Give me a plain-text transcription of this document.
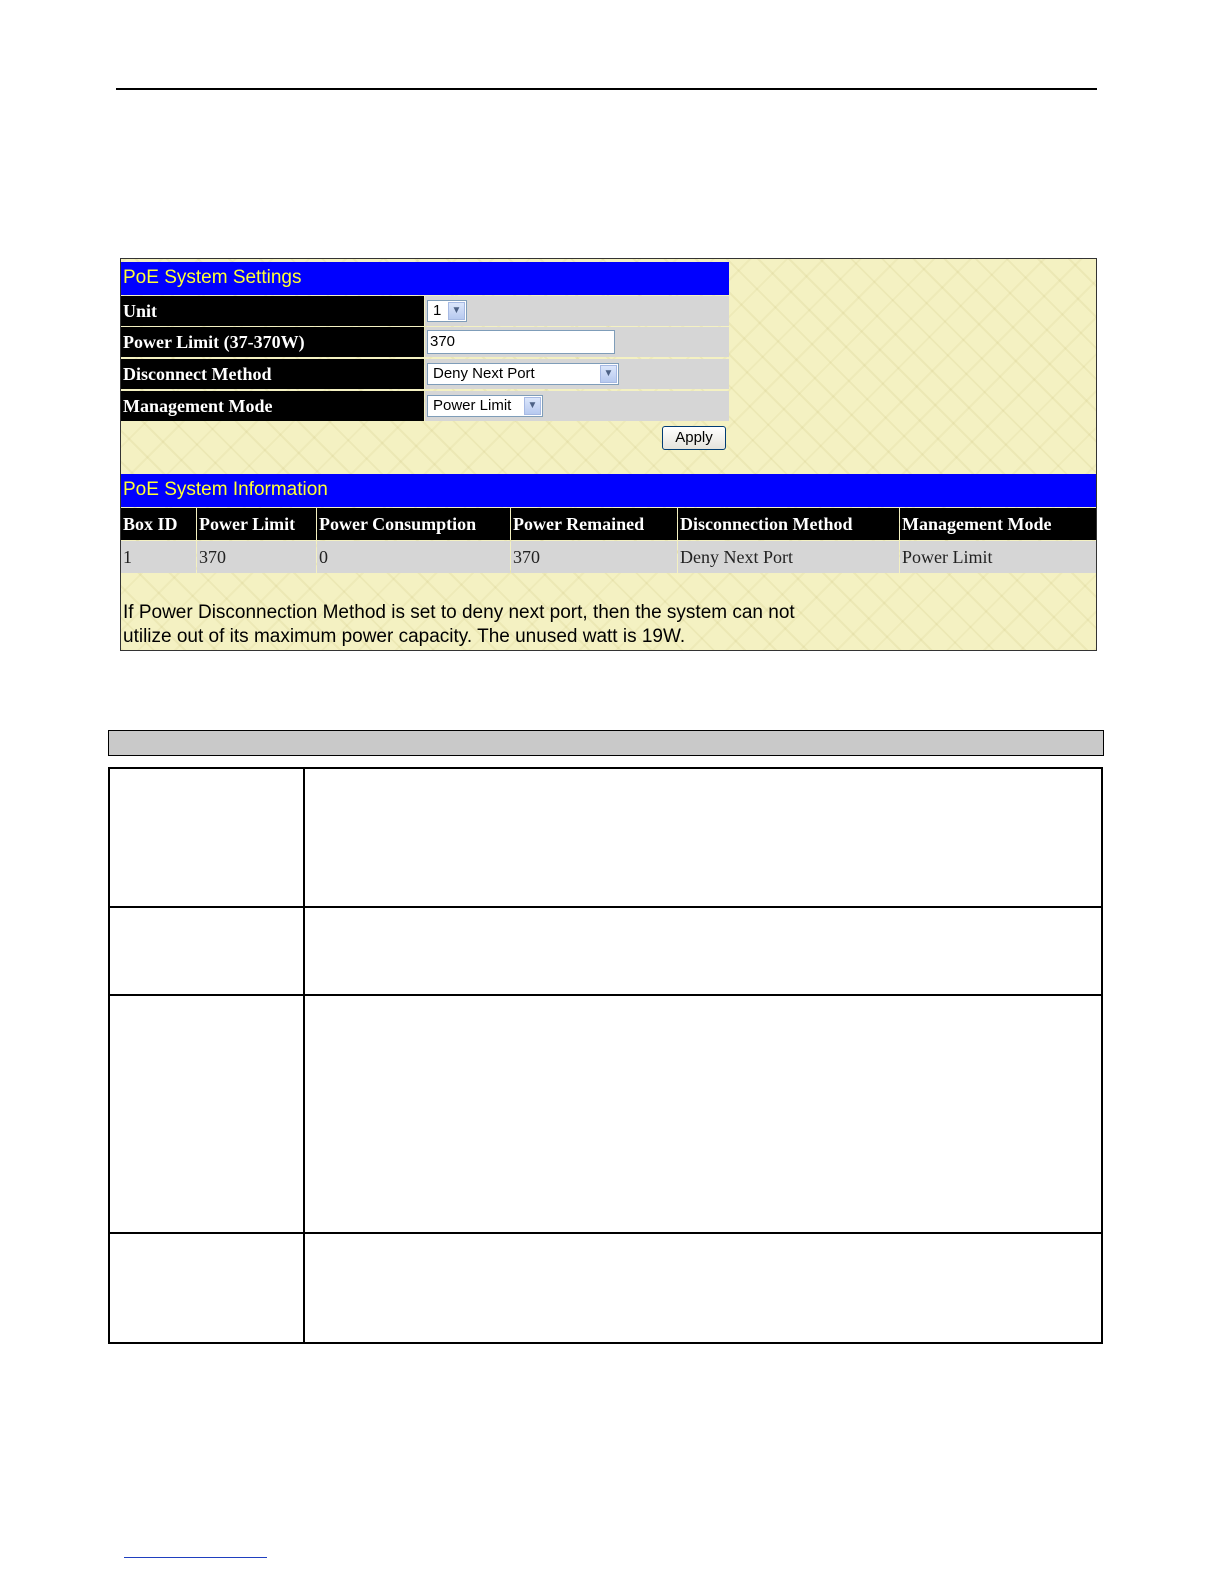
PoE System Settings
Unit	1	▼
Power Limit (37-370W)	370
Disconnect Method	Deny Next Port	▼
Management Mode	Power Limit	▼
Apply
PoE System Information
Box ID	Power Limit	Power Consumption	Power Remained	Disconnection Method	Management Mode
1	370	0	370	Deny Next Port	Power Limit
If Power Disconnection Method is set to deny next port, then the system can not
utilize out of its maximum power capacity. The unused watt is 19W.
